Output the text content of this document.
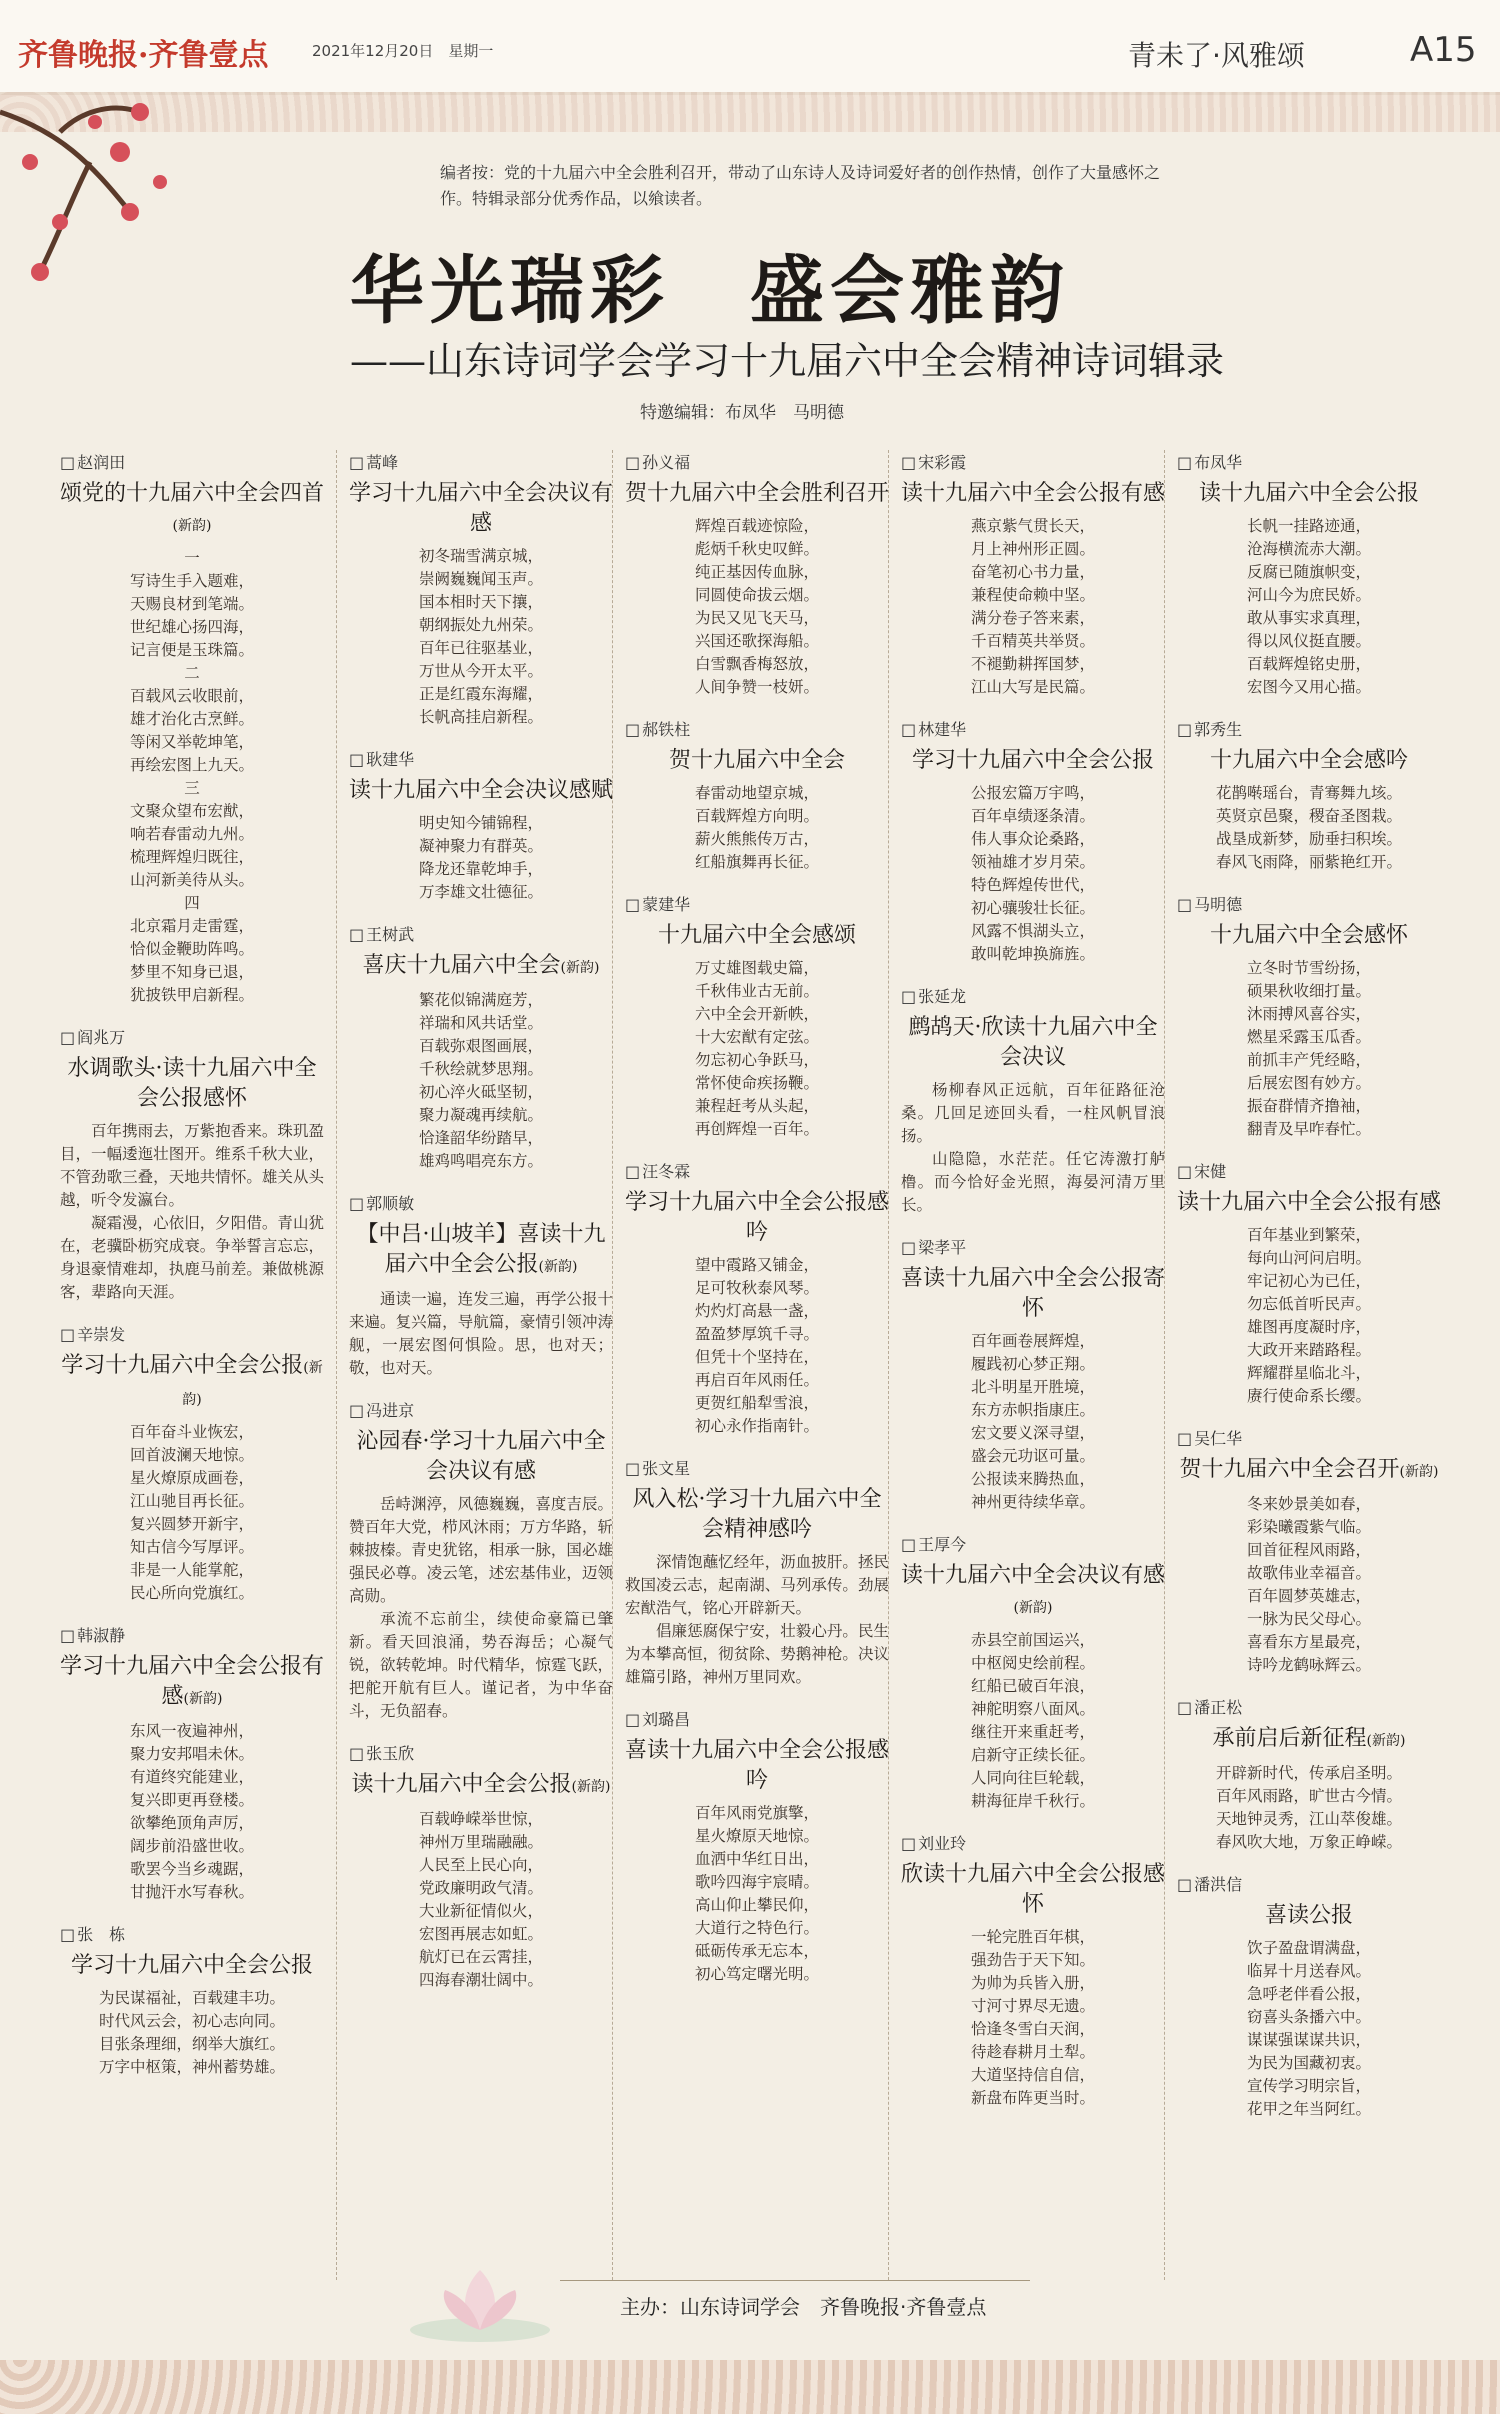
齐鲁晚报·齐鲁壹点	2021年12月20日　星期一	青未了·风雅颂	A15
编者按：党的十九届六中全会胜利召开，带动了山东诗人及诗词爱好者的创作热情，创作了大量感怀之作。特辑录部分优秀作品，以飨读者。
华光瑞彩　盛会雅韵
——山东诗词学会学习十九届六中全会精神诗词辑录
特邀编辑：布凤华　马明德
□ 赵润田
颂党的十九届六中全会四首(新韵)
一
写诗生手入题难，
天赐良材到笔端。
世纪雄心扬四海，
记言便是玉珠篇。
二
百载风云收眼前，
雄才治化古烹鲜。
等闲又举乾坤笔，
再绘宏图上九天。
三
文聚众望布宏猷，
响若春雷动九州。
梳理辉煌归既往，
山河新美待从头。
四
北京霜月走雷霆，
恰似金鞭助阵鸣。
梦里不知身已退，
犹披铁甲启新程。
□ 阎兆万
水调歌头·读十九届六中全会公报感怀
百年携雨去，万紫抱香来。珠玑盈目，一幅逶迤壮图开。维系千秋大业，不管劲歌三叠，天地共情怀。雄关从头越，听令发瀛台。
凝霜漫，心依旧，夕阳借。青山犹在，老骥卧枥究成衰。争举誓言忘忘，身退豪情难却，执鹿马前差。兼做桃源客，辈路向天涯。
□ 辛崇发
学习十九届六中全会公报(新韵)
百年奋斗业恢宏，
回首波澜天地惊。
星火燎原成画卷，
江山驰目再长征。
复兴圆梦开新宇，
知古信今写厚评。
非是一人能掌舵，
民心所向党旗红。
□ 韩淑静
学习十九届六中全会公报有感(新韵)
东风一夜遍神州，
聚力安邦唱未休。
有道终究能建业，
复兴即更再登楼。
欲攀绝顶角声厉，
阔步前沿盛世收。
歌罢今当乡魂踞，
甘抛汗水写春秋。
□ 张　栋
学习十九届六中全会公报
为民谋福祉，百载建丰功。
时代风云会，初心志向同。
目张条理细，纲举大旗红。
万字中枢策，神州蓄势雄。
□ 蒿峰
学习十九届六中全会决议有感
初冬瑞雪满京城，
崇阙巍巍闻玉声。
国本相时天下攘，
朝纲振处九州荣。
百年已往驱基业，
万世从今开太平。
正是红霞东海耀，
长帆高挂启新程。
□ 耿建华
读十九届六中全会决议感赋
明史知今铺锦程，
凝神聚力有群英。
降龙还靠乾坤手，
万李雄文壮德征。
□ 王树武
喜庆十九届六中全会(新韵)
繁花似锦满庭芳，
祥瑞和风共话堂。
百载弥艰图画展，
千秋绘就梦思翔。
初心淬火砥坚韧，
聚力凝魂再续航。
恰逢韶华纷踏早，
雄鸡鸣唱亮东方。
□ 郭顺敏
【中吕·山坡羊】喜读十九届六中全会公报(新韵)
通读一遍，连发三遍，再学公报十来遍。复兴篇，导航篇，豪情引领冲涛舰，一展宏图何惧险。思，也对天；敬，也对天。
□ 冯进京
沁园春·学习十九届六中全会决议有感
岳峙渊渟，风德巍巍，喜度吉辰。赞百年大党，栉风沐雨；万方华路，斩棘披榛。青史犹铭，相承一脉，国必雄强民必尊。凌云笔，述宏基伟业，迈领高勋。
承流不忘前尘，续使命豪篇已肇新。看天回浪涌，势吞海岳；心凝气锐，欲转乾坤。时代精华，惊霆飞跃，把舵开航有巨人。谨记者，为中华奋斗，无负韶春。
□ 张玉欣
读十九届六中全会公报(新韵)
百载峥嵘举世惊，
神州万里瑞融融。
人民至上民心向，
党政廉明政气清。
大业新征情似火，
宏图再展志如虹。
航灯已在云霄挂，
四海春潮壮阔中。
□ 孙义福
贺十九届六中全会胜利召开
辉煌百载迹惊险，
彪炳千秋史叹鲜。
纯正基因传血脉，
同圆使命拔云烟。
为民又见飞天马，
兴国还歌探海船。
白雪飘香梅怒放，
人间争赞一枝妍。
□ 郝铁柱
贺十九届六中全会
春雷动地望京城，
百载辉煌方向明。
薪火熊熊传万古，
红船旗舞再长征。
□ 蒙建华
十九届六中全会感颂
万丈雄图载史篇，
千秋伟业古无前。
六中全会开新帙，
十大宏猷有定弦。
勿忘初心争跃马，
常怀使命疾扬鞭。
兼程赶考从头起，
再创辉煌一百年。
□ 汪冬霖
学习十九届六中全会公报感吟
望中霞路又铺金，
足可牧秋泰风琴。
灼灼灯高悬一盏，
盈盈梦厚筑千寻。
但凭十个坚持在，
再启百年风雨任。
更贺红船犁雪浪，
初心永作指南针。
□ 张文星
风入松·学习十九届六中全会精神感吟
深情饱蘸忆经年，沥血披肝。拯民救国凌云志，起南湖、马列承传。劲展宏猷浩气，铭心开辟新天。
倡廉惩腐保宁安，壮毅心丹。民生为本攀高恒，彻贫除、势鹅神枪。决议雄篇引路，神州万里同欢。
□ 刘璐昌
喜读十九届六中全会公报感吟
百年风雨党旗擎，
星火燎原天地惊。
血洒中华红日出，
歌吟四海宇宸晴。
高山仰止攀民仰，
大道行之特色行。
砥砺传承无忘本，
初心笃定曙光明。
□ 宋彩霞
读十九届六中全会公报有感
燕京紫气贯长天，
月上神州形正圆。
奋笔初心书力量，
兼程使命赖中坚。
满分卷子答来素，
千百精英共举贤。
不褪勤耕挥国梦，
江山大写是民篇。
□ 林建华
学习十九届六中全会公报
公报宏篇万宇鸣，
百年卓绩逐条清。
伟人事众论桑路，
领袖雄才岁月荣。
特色辉煌传世代，
初心骧骏壮长征。
风露不惧湖头立，
敢叫乾坤换旆旌。
□ 张延龙
鹧鸪天·欣读十九届六中全会决议
杨柳春风正远航，百年征路征沧桑。几回足迹回头看，一柱风帆冒浪扬。
山隐隐，水茫茫。任它涛激打舻橹。而今恰好金光照，海晏河清万里长。
□ 梁孝平
喜读十九届六中全会公报寄怀
百年画卷展辉煌，
履践初心梦正翔。
北斗明星开胜境，
东方赤帜指康庄。
宏文要义深寻望，
盛会元功讴可量。
公报读来腾热血，
神州更待续华章。
□ 王厚今
读十九届六中全会决议有感(新韵)
赤县空前国运兴，
中枢阅史绘前程。
红船已破百年浪，
神舵明察八面风。
继往开来重赶考，
启新守正续长征。
人同向往巨轮载，
耕海征岸千秋行。
□ 刘业玲
欣读十九届六中全会公报感怀
一轮完胜百年棋，
强劲告于天下知。
为帅为兵皆入册，
寸河寸界尽无遗。
恰逢冬雪白天润，
待趁春耕月土犁。
大道坚持信自信，
新盘布阵更当时。
□ 布凤华
读十九届六中全会公报
长帆一挂路迹通，
沧海横流赤大潮。
反腐已随旗帜变，
河山今为庶民娇。
敢从事实求真理，
得以风仪挺直腰。
百载辉煌铭史册，
宏图今又用心描。
□ 郭秀生
十九届六中全会感吟
花鹊啭瑶台，青骞舞九垓。
英贤京邑聚，稷奋圣图栽。
战垦成新梦，励垂扫积埃。
春风飞雨降，丽紫艳红开。
□ 马明德
十九届六中全会感怀
立冬时节雪纷扬，
硕果秋收细打量。
沐雨搏风喜谷实，
燃星采露玉瓜香。
前抓丰产凭经略，
后展宏图有妙方。
振奋群情齐撸袖，
翻青及早咋春忙。
□ 宋健
读十九届六中全会公报有感
百年基业到繁荣，
每向山河问启明。
牢记初心为已任，
勿忘低首听民声。
雄图再度凝时序，
大政开来踏路程。
辉耀群星临北斗，
赓行使命系长缨。
□ 吴仁华
贺十九届六中全会召开(新韵)
冬来妙景美如春，
彩染曦霞紫气临。
回首征程风雨路，
故歌伟业幸福音。
百年圆梦英雄志，
一脉为民父母心。
喜看东方星最亮，
诗吟龙鹤咏辉云。
□ 潘正松
承前启后新征程(新韵)
开辟新时代，传承启圣明。
百年风雨路，旷世古今情。
天地钟灵秀，江山萃俊雄。
春风吹大地，万象正峥嵘。
□ 潘洪信
喜读公报
饮子盈盘谓满盘，
临昇十月送春风。
急呼老伴看公报，
窃喜头条播六中。
谋谋强谋谋共识，
为民为国藏初衷。
宣传学习明宗旨，
花甲之年当阿红。
主办：山东诗词学会　齐鲁晚报·齐鲁壹点
